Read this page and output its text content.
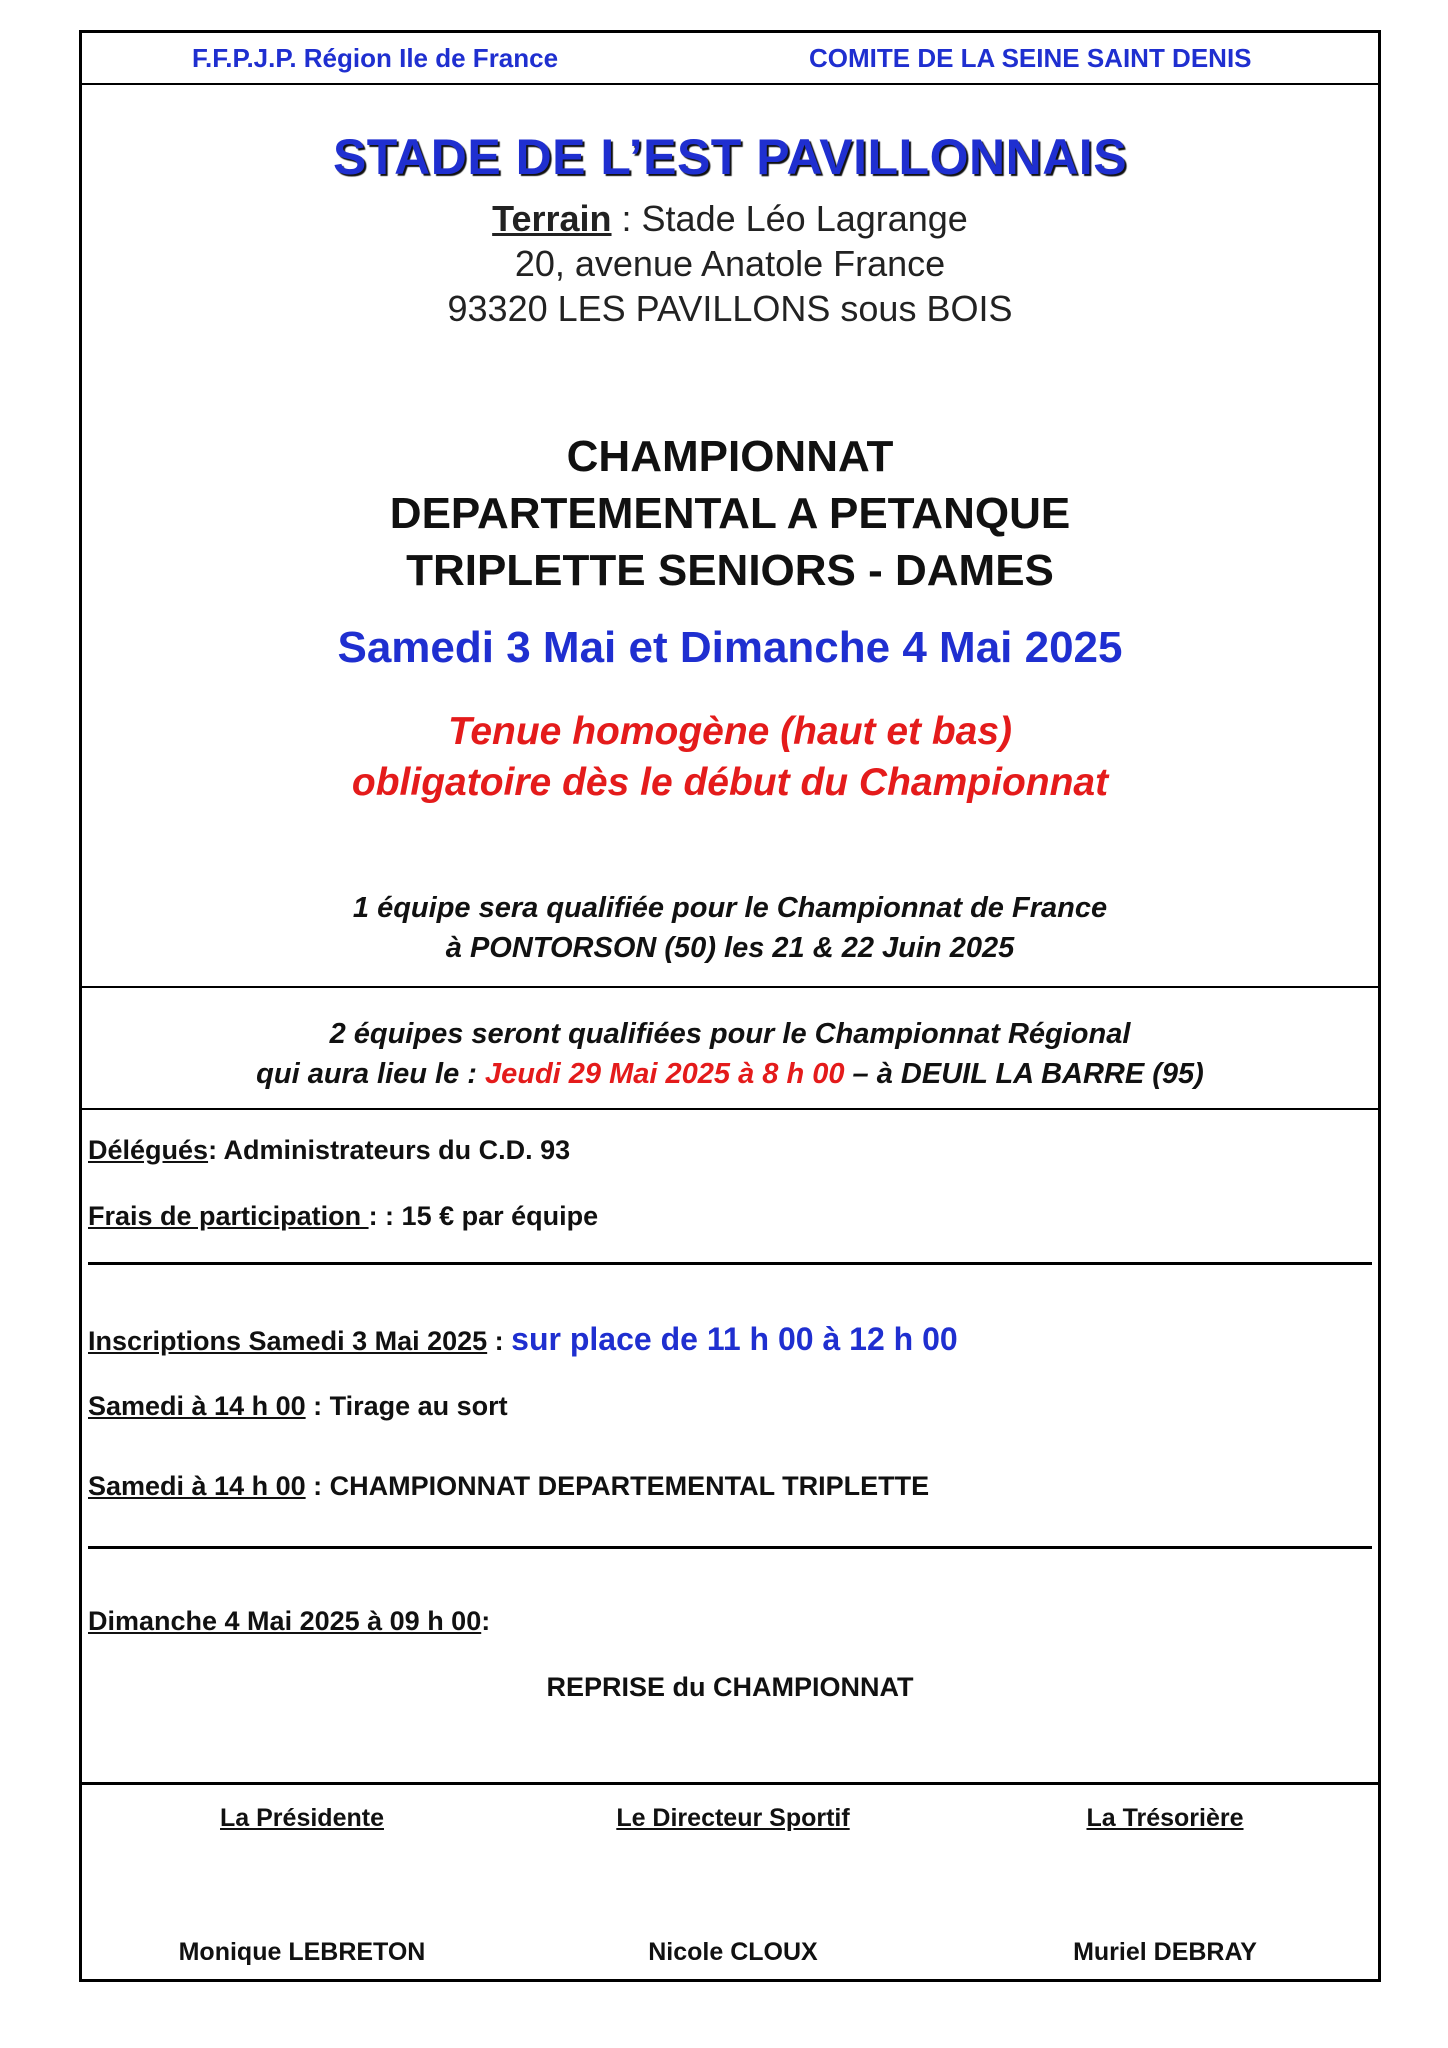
F.F.P.J.P. Région Ile de France	COMITE DE LA SEINE SAINT DENIS
STADE DE L’EST PAVILLONNAIS
Terrain : Stade Léo Lagrange
20, avenue Anatole France
93320 LES PAVILLONS sous BOIS
CHAMPIONNAT
DEPARTEMENTAL A PETANQUE
TRIPLETTE SENIORS - DAMES
Samedi 3 Mai et Dimanche 4 Mai 2025
Tenue homogène (haut et bas)
obligatoire dès le début du Championnat
1 équipe sera qualifiée pour le Championnat de France
à PONTORSON (50) les 21 & 22 Juin 2025
2 équipes seront qualifiées pour le Championnat Régional
qui aura lieu le : Jeudi 29 Mai 2025 à 8 h 00 – à DEUIL LA BARRE (95)
Délégués: Administrateurs du C.D. 93
Frais de participation : : 15 € par équipe
Inscriptions Samedi 3 Mai 2025 : sur place de 11 h 00 à 12 h 00
Samedi à 14 h 00 : Tirage au sort
Samedi à 14 h 00 : CHAMPIONNAT DEPARTEMENTAL TRIPLETTE
Dimanche 4 Mai 2025 à 09 h 00:
REPRISE du CHAMPIONNAT
La Présidente	Le Directeur Sportif	La Trésorière
Monique LEBRETON	Nicole CLOUX	Muriel DEBRAY
